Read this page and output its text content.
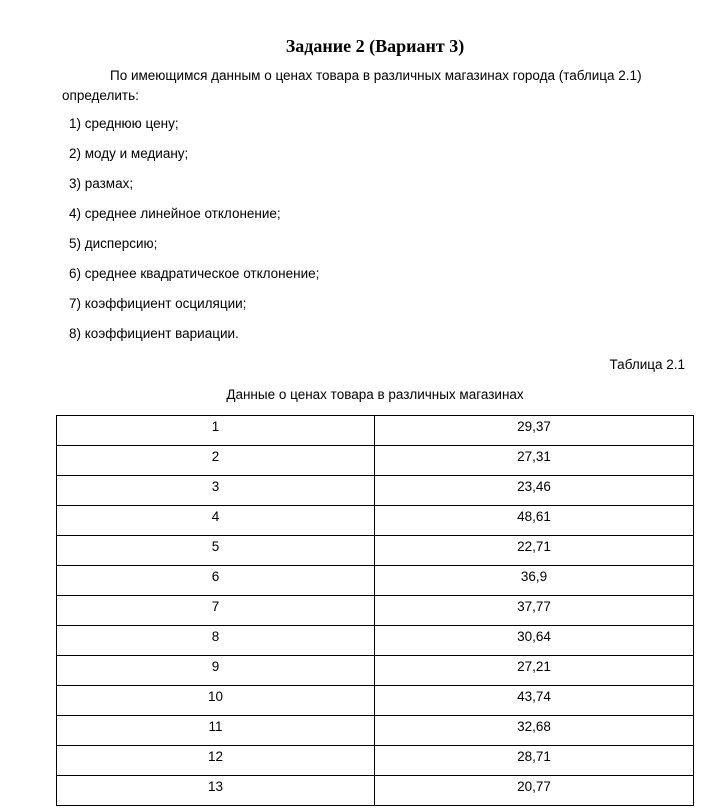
Задание 2 (Вариант 3)

По имеющимся данным о ценах товара в различных магазинах города (таблица 2.1) определить:

1) среднюю цену;
2) моду и медиану;
3) размах;
4) среднее линейное отклонение;
5) дисперсию;
6) среднее квадратическое отклонение;
7) коэффициент осциляции;
8) коэффициент вариации.
Таблица 2.1
Данные о ценах товара в различных магазинах
1	29,37
2	27,31
3	23,46
4	48,61
5	22,71
6	36,9
7	37,77
8	30,64
9	27,21
10	43,74
11	32,68
12	28,71
13	20,77
